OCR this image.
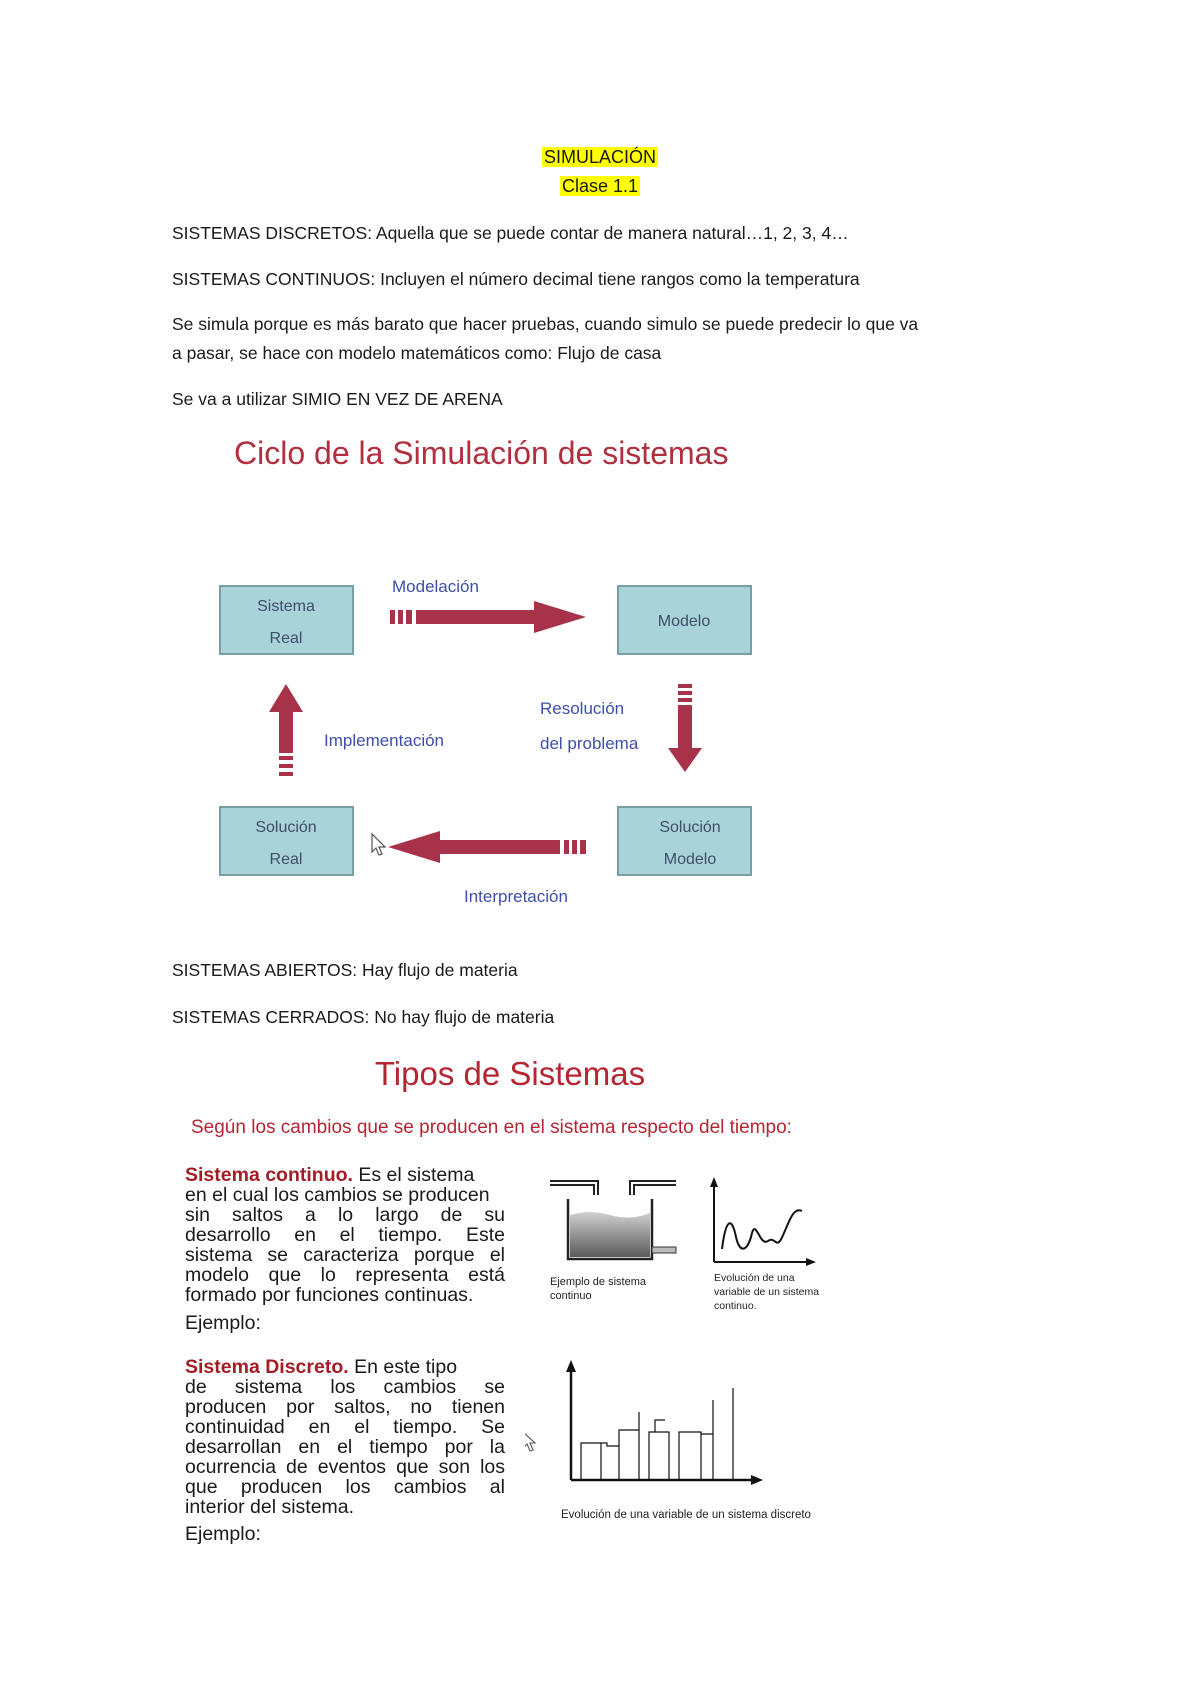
SIMULACIÓN
Clase 1.1

SISTEMAS DISCRETOS: Aquella que se puede contar de manera natural…1, 2, 3, 4…

SISTEMAS CONTINUOS: Incluyen el número decimal tiene rangos como la temperatura

Se simula porque es más barato que hacer pruebas, cuando simulo se puede predecir lo que va
a pasar, se hace con modelo matemáticos como: Flujo de casa

Se va a utilizar SIMIO EN VEZ DE ARENA

Ciclo de la Simulación de sistemas
Sistema
Real
Modelo
Solución
Real
Solución
Modelo
Modelación
Resolución
del problema
Interpretación
Implementación

SISTEMAS ABIERTOS: Hay flujo de materia

SISTEMAS CERRADOS: No hay flujo de materia

Tipos de Sistemas
Según los cambios que se producen en el sistema respecto del tiempo:
Sistema continuo. Es el sistema
en el cual los cambios se producen
sin saltos a lo largo de su
desarrollo en el tiempo. Este
sistema se caracteriza porque el
modelo que lo representa está
formado por funciones continuas.
Ejemplo:
Ejemplo de sistema
continuo
Evolución de una
variable de un sistema
continuo.
Sistema Discreto. En este tipo
de sistema los cambios se
producen por saltos, no tienen
continuidad en el tiempo. Se
desarrollan en el tiempo por la
ocurrencia de eventos que son los
que producen los cambios al
interior del sistema.
Ejemplo:
Evolución de una variable de un sistema discreto
